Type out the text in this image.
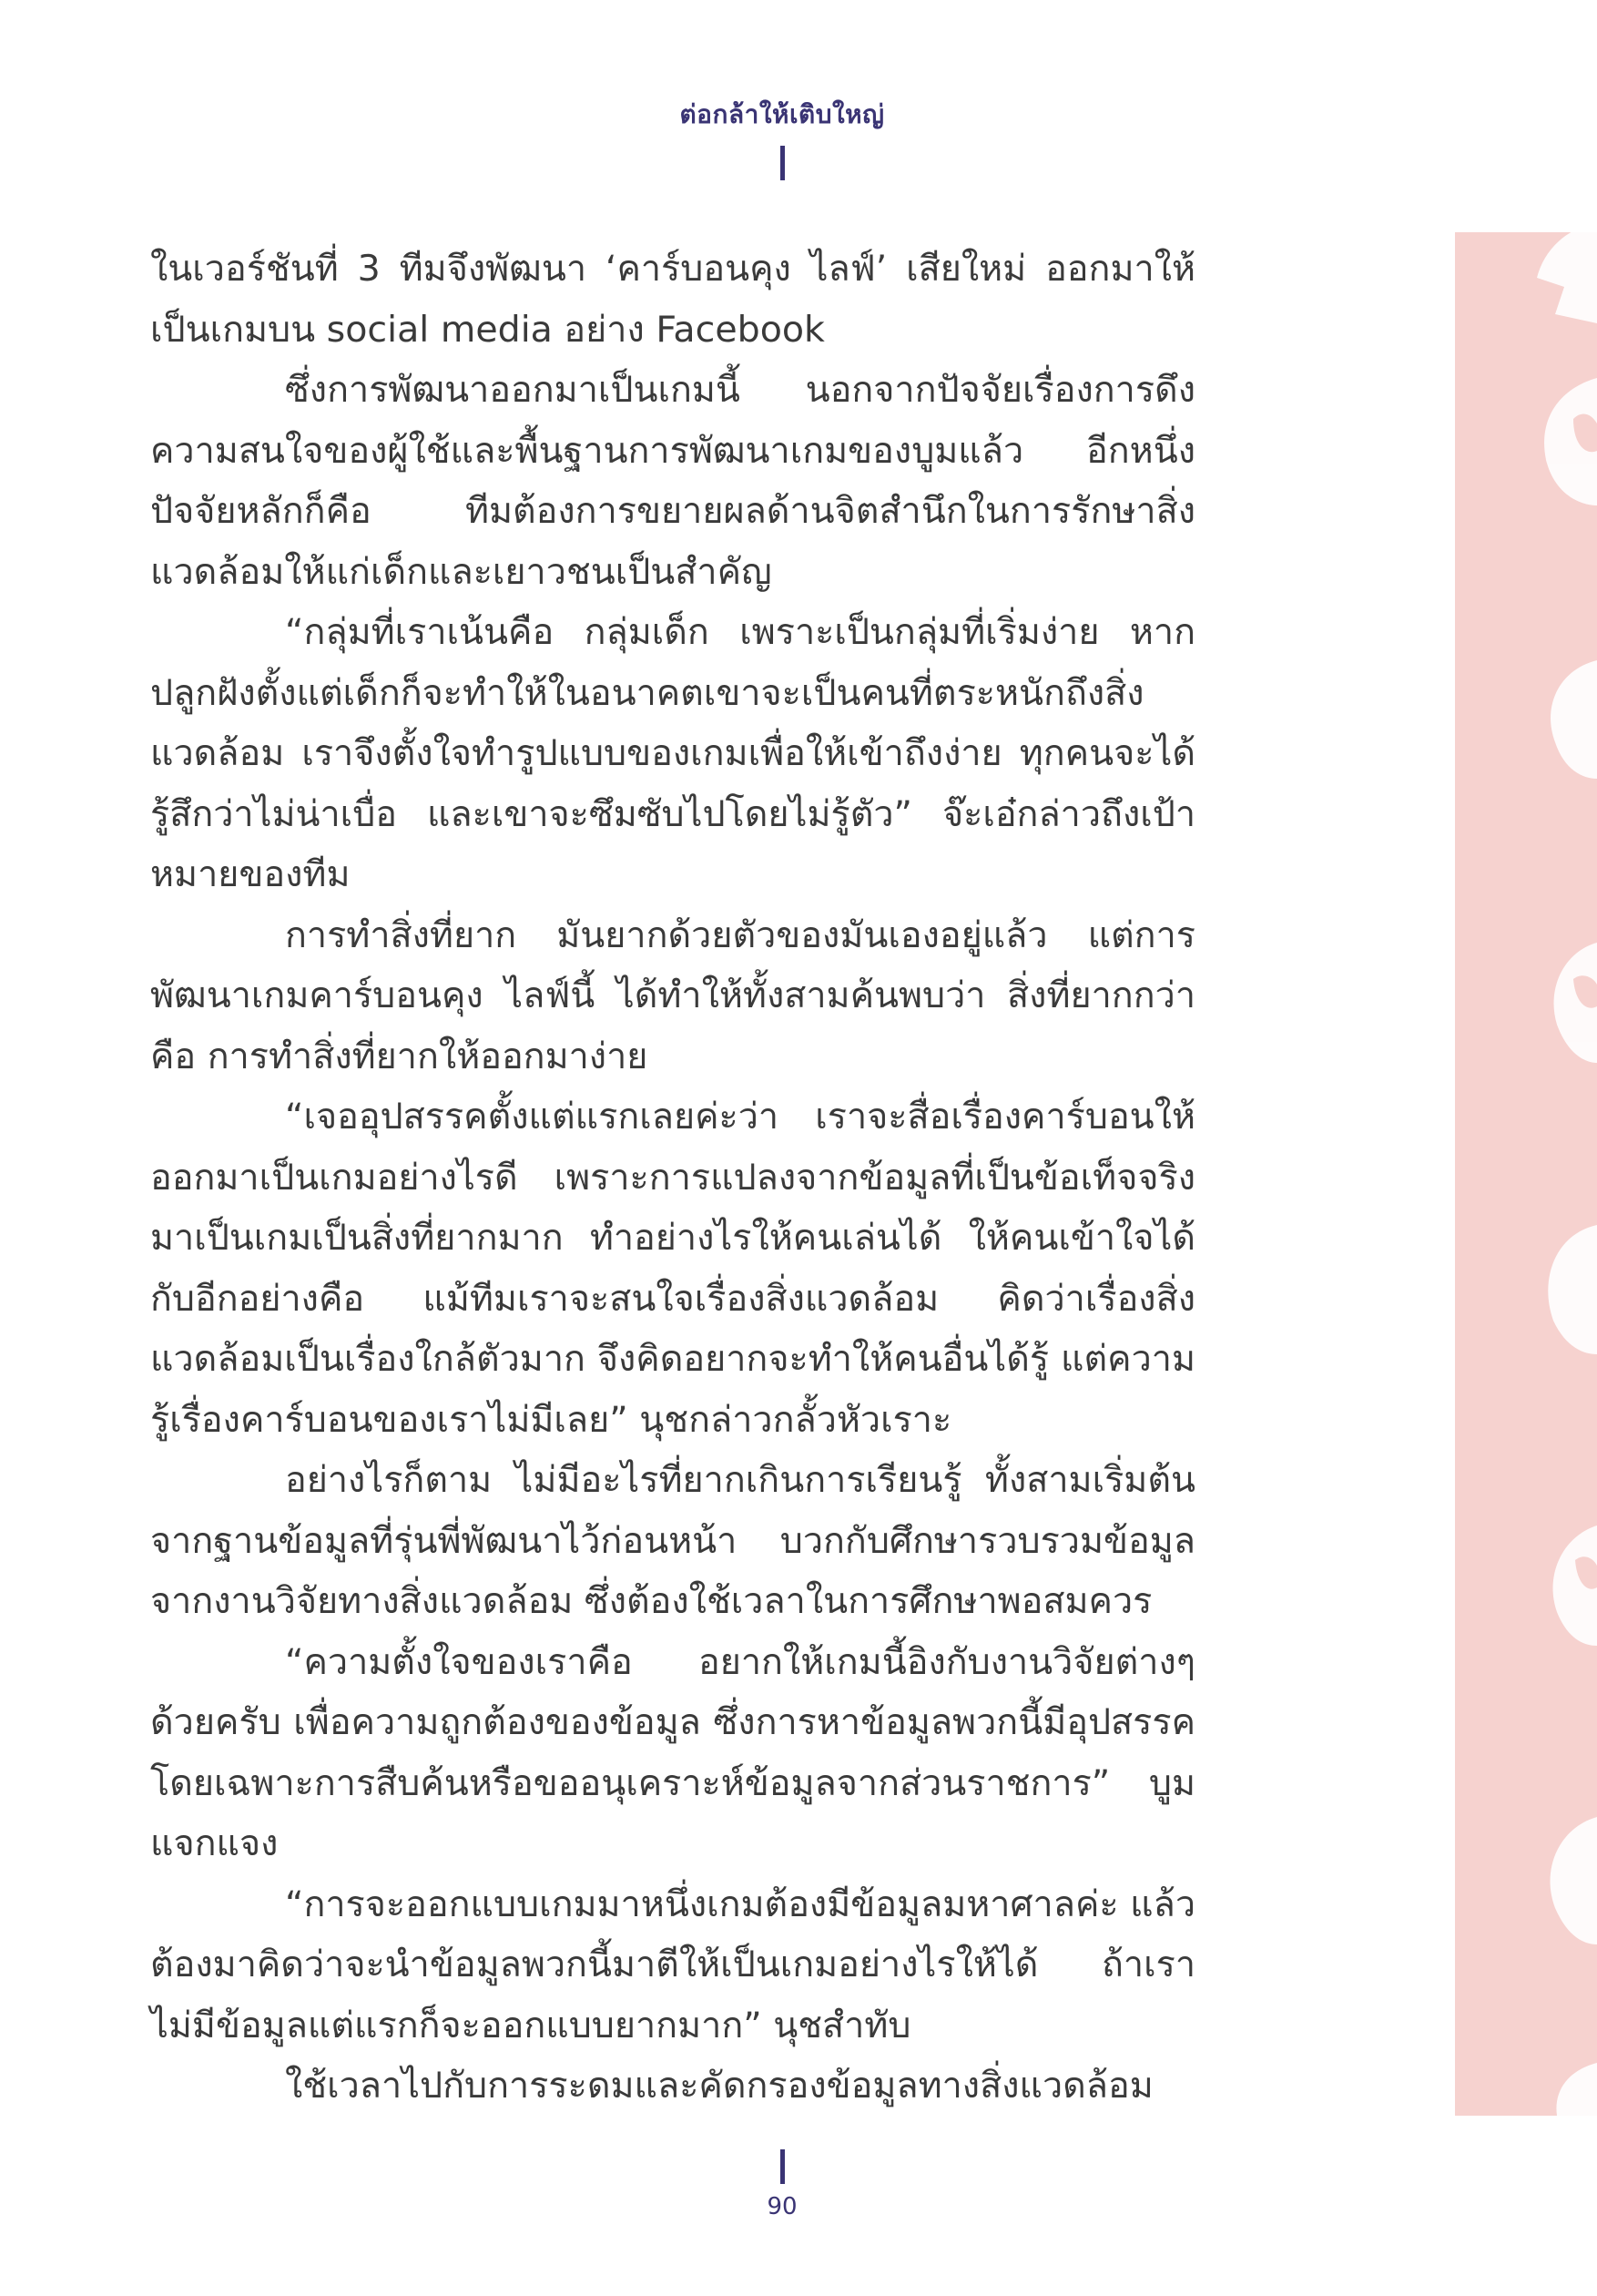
ต่อกล้าให้เติบใหญ่

ในเวอร์ชันที่ 3 ทีมจึงพัฒนา ‘คาร์บอนคุง ไลฟ์’ เสียใหม่ ออกมาให้เป็นเกมบน social media อย่าง Facebook

ซึ่งการพัฒนาออกมาเป็นเกมนี้ นอกจากปัจจัยเรื่องการดึงความสนใจของผู้ใช้และพื้นฐานการพัฒนาเกมของบูมแล้ว อีกหนึ่งปัจจัยหลักก็คือ ทีมต้องการขยายผลด้านจิตสำนึกในการรักษาสิ่งแวดล้อมให้แก่เด็กและเยาวชนเป็นสำคัญ

“กลุ่มที่เราเน้นคือ กลุ่มเด็ก เพราะเป็นกลุ่มที่เริ่มง่าย หากปลูกฝังตั้งแต่เด็กก็จะทำให้ในอนาคตเขาจะเป็นคนที่ตระหนักถึงสิ่งแวดล้อม เราจึงตั้งใจทำรูปแบบของเกมเพื่อให้เข้าถึงง่าย ทุกคนจะได้รู้สึกว่าไม่น่าเบื่อ และเขาจะซึมซับไปโดยไม่รู้ตัว” จ๊ะเอ๋กล่าวถึงเป้าหมายของทีม

การทำสิ่งที่ยาก มันยากด้วยตัวของมันเองอยู่แล้ว แต่การพัฒนาเกมคาร์บอนคุง ไลฟ์นี้ ได้ทำให้ทั้งสามค้นพบว่า สิ่งที่ยากกว่าคือ การทำสิ่งที่ยากให้ออกมาง่าย

“เจออุปสรรคตั้งแต่แรกเลยค่ะว่า เราจะสื่อเรื่องคาร์บอนให้ออกมาเป็นเกมอย่างไรดี เพราะการแปลงจากข้อมูลที่เป็นข้อเท็จจริงมาเป็นเกมเป็นสิ่งที่ยากมาก ทำอย่างไรให้คนเล่นได้ ให้คนเข้าใจได้ กับอีกอย่างคือ แม้ทีมเราจะสนใจเรื่องสิ่งแวดล้อม คิดว่าเรื่องสิ่งแวดล้อมเป็นเรื่องใกล้ตัวมาก จึงคิดอยากจะทำให้คนอื่นได้รู้ แต่ความรู้เรื่องคาร์บอนของเราไม่มีเลย” นุชกล่าวกลั้วหัวเราะ

อย่างไรก็ตาม ไม่มีอะไรที่ยากเกินการเรียนรู้ ทั้งสามเริ่มต้นจากฐานข้อมูลที่รุ่นพี่พัฒนาไว้ก่อนหน้า บวกกับศึกษารวบรวมข้อมูลจากงานวิจัยทางสิ่งแวดล้อม ซึ่งต้องใช้เวลาในการศึกษาพอสมควร

“ความตั้งใจของเราคือ อยากให้เกมนี้อิงกับงานวิจัยต่างๆ ด้วยครับ เพื่อความถูกต้องของข้อมูล ซึ่งการหาข้อมูลพวกนี้มีอุปสรรคโดยเฉพาะการสืบค้นหรือขออนุเคราะห์ข้อมูลจากส่วนราชการ” บูมแจกแจง

“การจะออกแบบเกมมาหนึ่งเกมต้องมีข้อมูลมหาศาลค่ะ แล้วต้องมาคิดว่าจะนำข้อมูลพวกนี้มาตีให้เป็นเกมอย่างไรให้ได้ ถ้าเราไม่มีข้อมูลแต่แรกก็จะออกแบบยากมาก” นุชสำทับ

ใช้เวลาไปกับการระดมและคัดกรองข้อมูลทางสิ่งแวดล้อม

90
